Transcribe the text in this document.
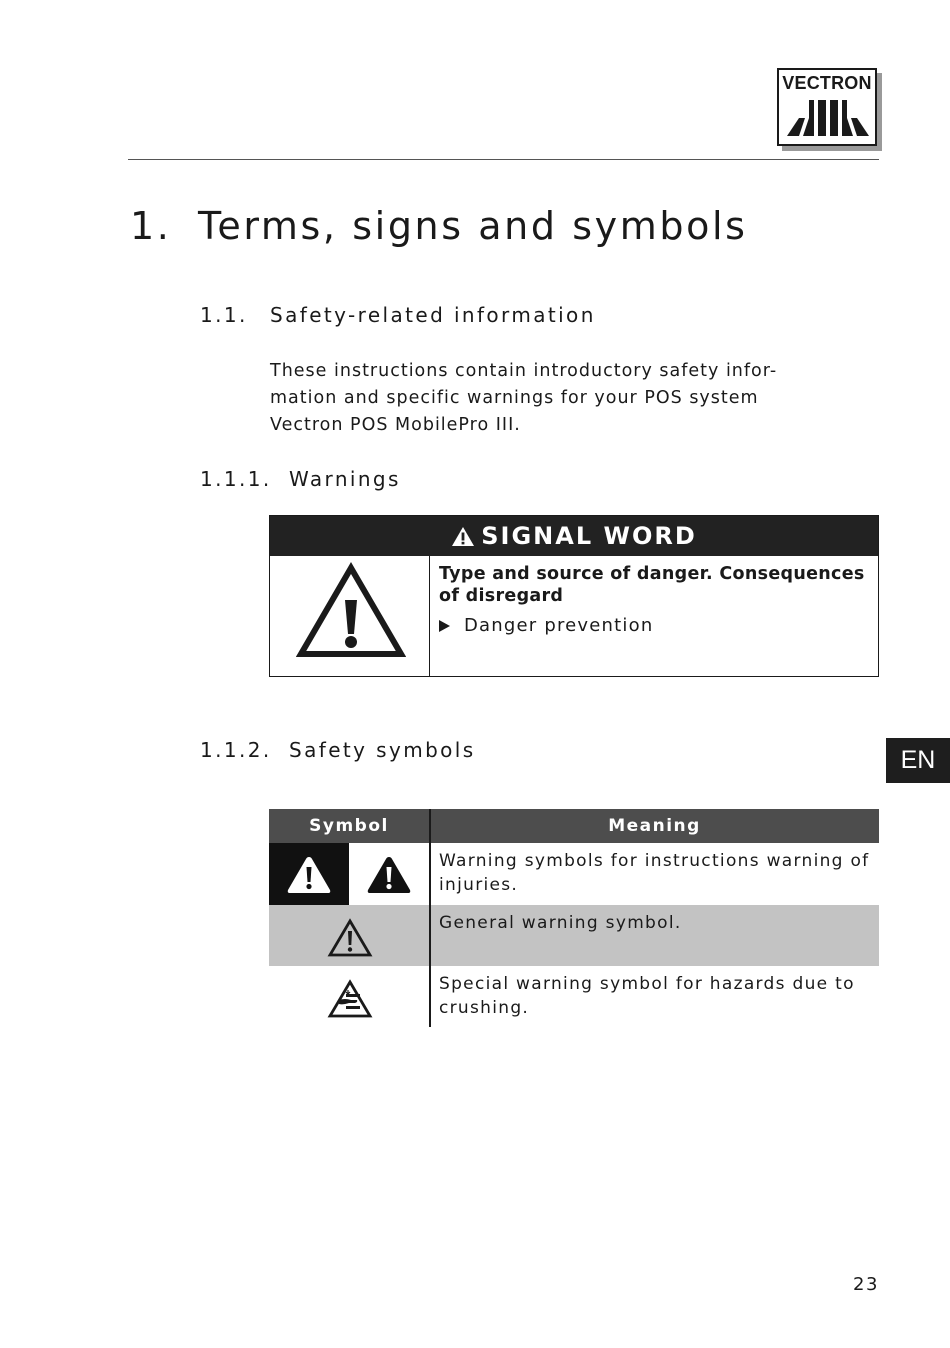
VECTRON
1. Terms, signs and symbols
1.1. Safety-related information

These instructions contain introductory safety infor-

mation and specific warnings for your POS system

Vectron POS MobilePro III.

1.1.1. Warnings
SIGNAL WORD
Type and source of danger. Consequences
of disregard
Danger prevention
1.1.2. Safety symbols	EN
Symbol	Meaning
Warning symbols for instructions warning of
injuries.
General warning symbol.
Special warning symbol for hazards due to
crushing.
23
